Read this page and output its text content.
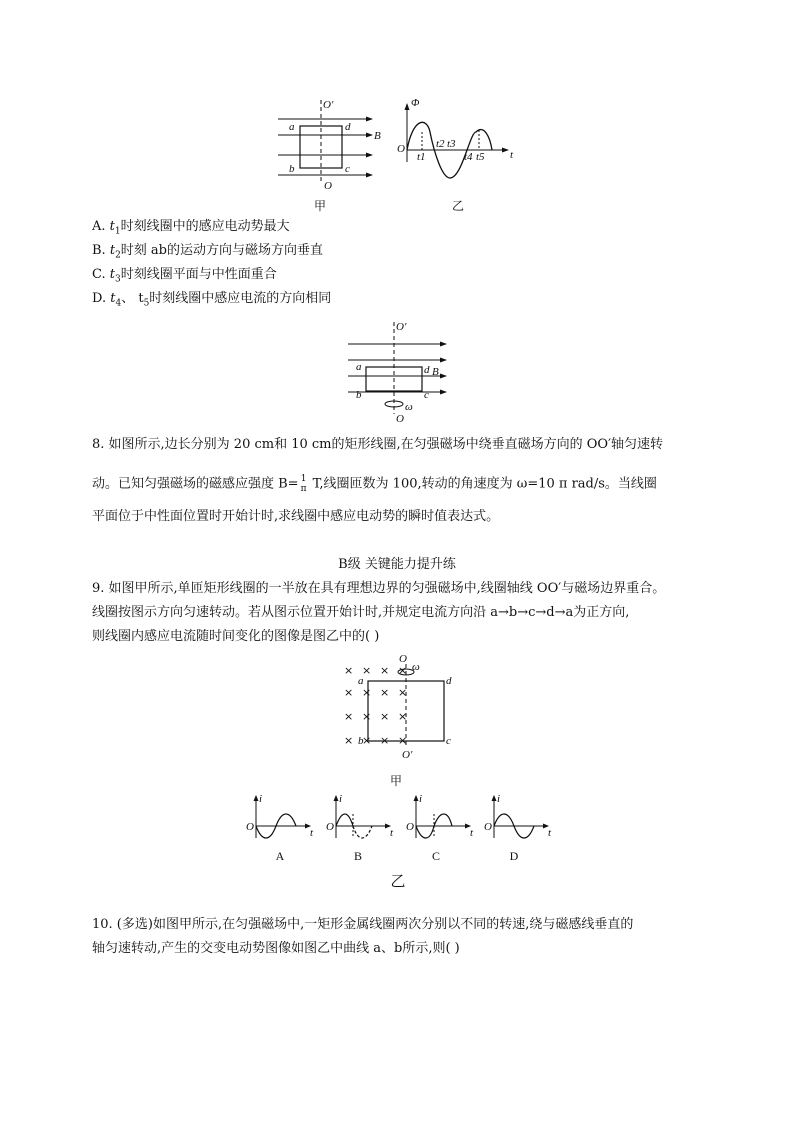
O′
O
a	d
b	c
B
甲
Φ
O	t
t1
t2 t3
t4 t5
乙
A. $t_1$时刻线圈中的感应电动势最大
B. $t_2$时刻 ab的运动方向与磁场方向垂直
C. $t_3$时刻线圈平面与中性面重合
D. $t_4$、 $t_5$时刻线圈中感应电流的方向相同
O′
O
ω
a	d
b	c
B
8. 如图所示,边长分别为 20 cm和 10 cm的矩形线圈,在匀强磁场中绕垂直磁场方向的 OO′轴匀速转
动。已知匀强磁场的磁感应强度 B= 1
π T,线圈匝数为 100,转动的角速度为 ω=10 π rad/s。当线圈
平面位于中性面位置时开始计时,求线圈中感应电动势的瞬时值表达式。
B级 关键能力提升练
9. 如图甲所示,单匝矩形线圈的一半放在具有理想边界的匀强磁场中,线圈轴线 OO′与磁场边界重合。
线圈按图示方向匀速转动。若从图示位置开始计时,并规定电流方向沿 a→b→c→d→a为正方向,
则线圈内感应电流随时间变化的图像是图乙中的( )
× × × ×
× × × ×
× × × ×
× × × ×
O
ω
O′
a	d
b	c
甲
i
O	t
A
i
O	t
B
i
O	t
C
i
O	t
D
乙
10. (多选)如图甲所示,在匀强磁场中,一矩形金属线圈两次分别以不同的转速,绕与磁感线垂直的
轴匀速转动,产生的交变电动势图像如图乙中曲线 a、b所示,则( )
